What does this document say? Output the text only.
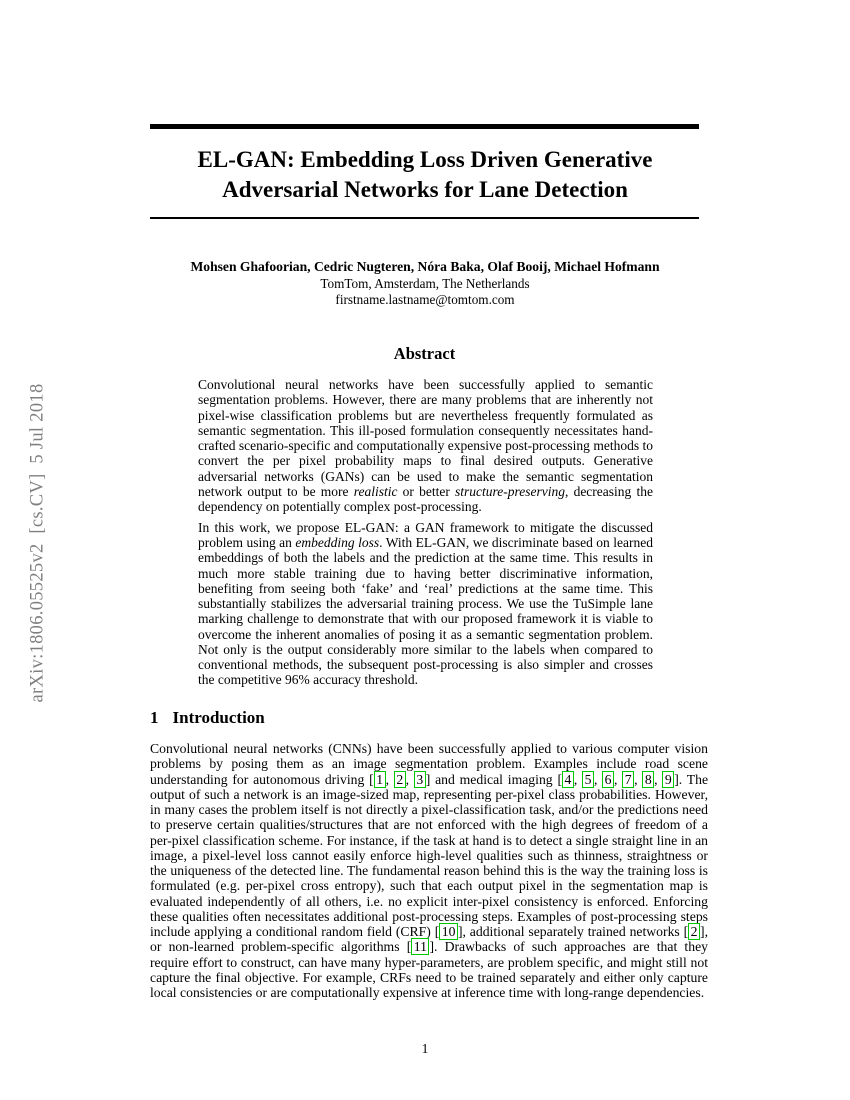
arXiv:1806.05525v2  [cs.CV]  5 Jul 2018
EL-GAN: Embedding Loss Driven Generative
Adversarial Networks for Lane Detection
Mohsen Ghafoorian, Cedric Nugteren, Nóra Baka, Olaf Booij, Michael Hofmann
TomTom, Amsterdam, The Netherlands
firstname.lastname@tomtom.com
Abstract

Convolutional neural networks have been successfully applied to semantic segmentation problems. However, there are many problems that are inherently not pixel-wise classification problems but are nevertheless frequently formulated as semantic segmentation. This ill-posed formulation consequently necessitates hand-crafted scenario-specific and computationally expensive post-processing methods to convert the per pixel probability maps to final desired outputs. Generative adversarial networks (GANs) can be used to make the semantic segmentation network output to be more realistic or better structure-preserving, decreasing the dependency on potentially complex post-processing.

In this work, we propose EL-GAN: a GAN framework to mitigate the discussed problem using an embedding loss. With EL-GAN, we discriminate based on learned embeddings of both the labels and the prediction at the same time. This results in much more stable training due to having better discriminative information, benefiting from seeing both ‘fake’ and ‘real’ predictions at the same time. This substantially stabilizes the adversarial training process. We use the TuSimple lane marking challenge to demonstrate that with our proposed framework it is viable to overcome the inherent anomalies of posing it as a semantic segmentation problem. Not only is the output considerably more similar to the labels when compared to conventional methods, the subsequent post-processing is also simpler and crosses the competitive 96% accuracy threshold.

1 Introduction

Convolutional neural networks (CNNs) have been successfully applied to various computer vision problems by posing them as an image segmentation problem. Examples include road scene understanding for autonomous driving [ 1 , 2 , 3 ] and medical imaging [ 4 , 5 , 6 , 7 , 8 , 9 ]. The output of such a network is an image-sized map, representing per-pixel class probabilities. However, in many cases the problem itself is not directly a pixel-classification task, and/or the predictions need to preserve certain qualities/structures that are not enforced with the high degrees of freedom of a per-pixel classification scheme. For instance, if the task at hand is to detect a single straight line in an image, a pixel-level loss cannot easily enforce high-level qualities such as thinness, straightness or the uniqueness of the detected line. The fundamental reason behind this is the way the training loss is formulated (e.g. per-pixel cross entropy), such that each output pixel in the segmentation map is evaluated independently of all others, i.e. no explicit inter-pixel consistency is enforced. Enforcing these qualities often necessitates additional post-processing steps. Examples of post-processing steps include applying a conditional random field (CRF) [ 10 ], additional separately trained networks [ 2 ], or non-learned problem-specific algorithms [ 11 ]. Drawbacks of such approaches are that they require effort to construct, can have many hyper-parameters, are problem specific, and might still not capture the final objective. For example, CRFs need to be trained separately and either only capture local consistencies or are computationally expensive at inference time with long-range dependencies.

1
